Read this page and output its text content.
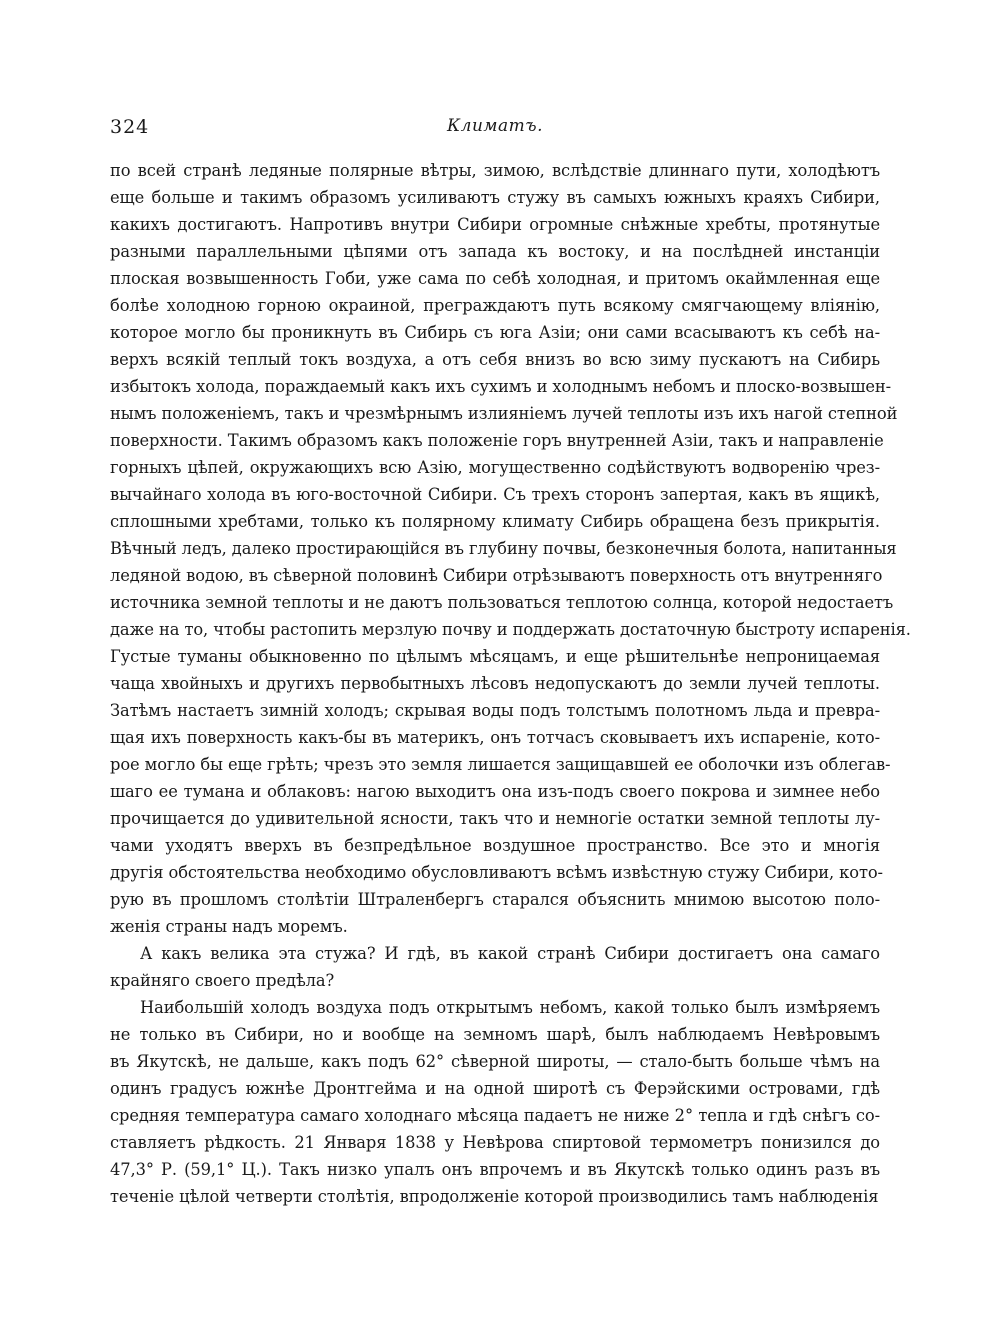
324	Климатъ.

по всей странѣ ледяные полярные вѣтры, зимою, вслѣдствіе длиннаго пути, холодѣютъ
еще больше и такимъ образомъ усиливаютъ стужу въ самыхъ южныхъ краяхъ Сибири,
какихъ достигаютъ. Напротивъ внутри Сибири огромные снѣжные хребты, протянутые
разными параллельными цѣпями отъ запада къ востоку, и на послѣдней инстанціи
плоская возвышенность Гоби, уже сама по себѣ холодная, и притомъ окаймленная еще
болѣе холодною горною окраиной, преграждаютъ путь всякому смягчающему вліянію,
которое могло бы проникнуть въ Сибирь съ юга Азіи; они сами всасываютъ къ себѣ на-
верхъ всякій теплый токъ воздуха, а отъ себя внизъ во всю зиму пускаютъ на Сибирь
избытокъ холода, пораждаемый какъ ихъ сухимъ и холоднымъ небомъ и плоско-возвышен-
нымъ положеніемъ, такъ и чрезмѣрнымъ излияніемъ лучей теплоты изъ ихъ нагой степной
поверхности. Такимъ образомъ какъ положеніе горъ внутренней Азіи, такъ и направленіе
горныхъ цѣпей, окружающихъ всю Азію, могущественно содѣйствуютъ водворенію чрез-
вычайнаго холода въ юго-восточной Сибири. Съ трехъ сторонъ запертая, какъ въ ящикѣ,
сплошными хребтами, только къ полярному климату Сибирь обращена безъ прикрытія.
Вѣчный ледъ, далеко простирающійся въ глубину почвы, безконечныя болота, напитанныя
ледяной водою, въ сѣверной половинѣ Сибири отрѣзываютъ поверхность отъ внутренняго
источника земной теплоты и не даютъ пользоваться теплотою солнца, которой недостаетъ
даже на то, чтобы растопить мерзлую почву и поддержать достаточную быстроту испаренія.
Густые туманы обыкновенно по цѣлымъ мѣсяцамъ, и еще рѣшительнѣе непроницаемая
чаща хвойныхъ и другихъ первобытныхъ лѣсовъ недопускаютъ до земли лучей теплоты.
Затѣмъ настаетъ зимній холодъ; скрывая воды подъ толстымъ полотномъ льда и превра-
щая ихъ поверхность какъ-бы въ материкъ, онъ тотчасъ сковываетъ ихъ испареніе, кото-
рое могло бы еще грѣть; чрезъ это земля лишается защищавшей ее оболочки изъ облегав-
шаго ее тумана и облаковъ: нагою выходитъ она изъ-подъ своего покрова и зимнее небо
прочищается до удивительной ясности, такъ что и немногіе остатки земной теплоты лу-
чами уходятъ вверхъ въ безпредѣльное воздушное пространство. Все это и многія
другія обстоятельства необходимо обусловливаютъ всѣмъ извѣстную стужу Сибири, кото-
рую въ прошломъ столѣтіи Штраленбергъ старался объяснить мнимою высотою поло-
женія страны надъ моремъ.

А какъ велика эта стужа? И гдѣ, въ какой странѣ Сибири достигаетъ она самаго
крайняго своего предѣла?

Наибольшій холодъ воздуха подъ открытымъ небомъ, какой только былъ измѣряемъ
не только въ Сибири, но и вообще на земномъ шарѣ, былъ наблюдаемъ Невѣровымъ
въ Якутскѣ, не дальше, какъ подъ 62° сѣверной широты, — стало-быть больше чѣмъ на
одинъ градусъ южнѣе Дронтгейма и на одной широтѣ съ Ферэйскими островами, гдѣ
средняя температура самаго холоднаго мѣсяца падаетъ не ниже 2° тепла и гдѣ снѣгъ со-
ставляетъ рѣдкость. 21 Января 1838 у Невѣрова спиртовой термометръ понизился до
47,3° Р. (59,1° Ц.). Такъ низко упалъ онъ впрочемъ и въ Якутскѣ только одинъ разъ въ
теченіе цѣлой четверти столѣтія, впродолженіе которой производились тамъ наблюденія
